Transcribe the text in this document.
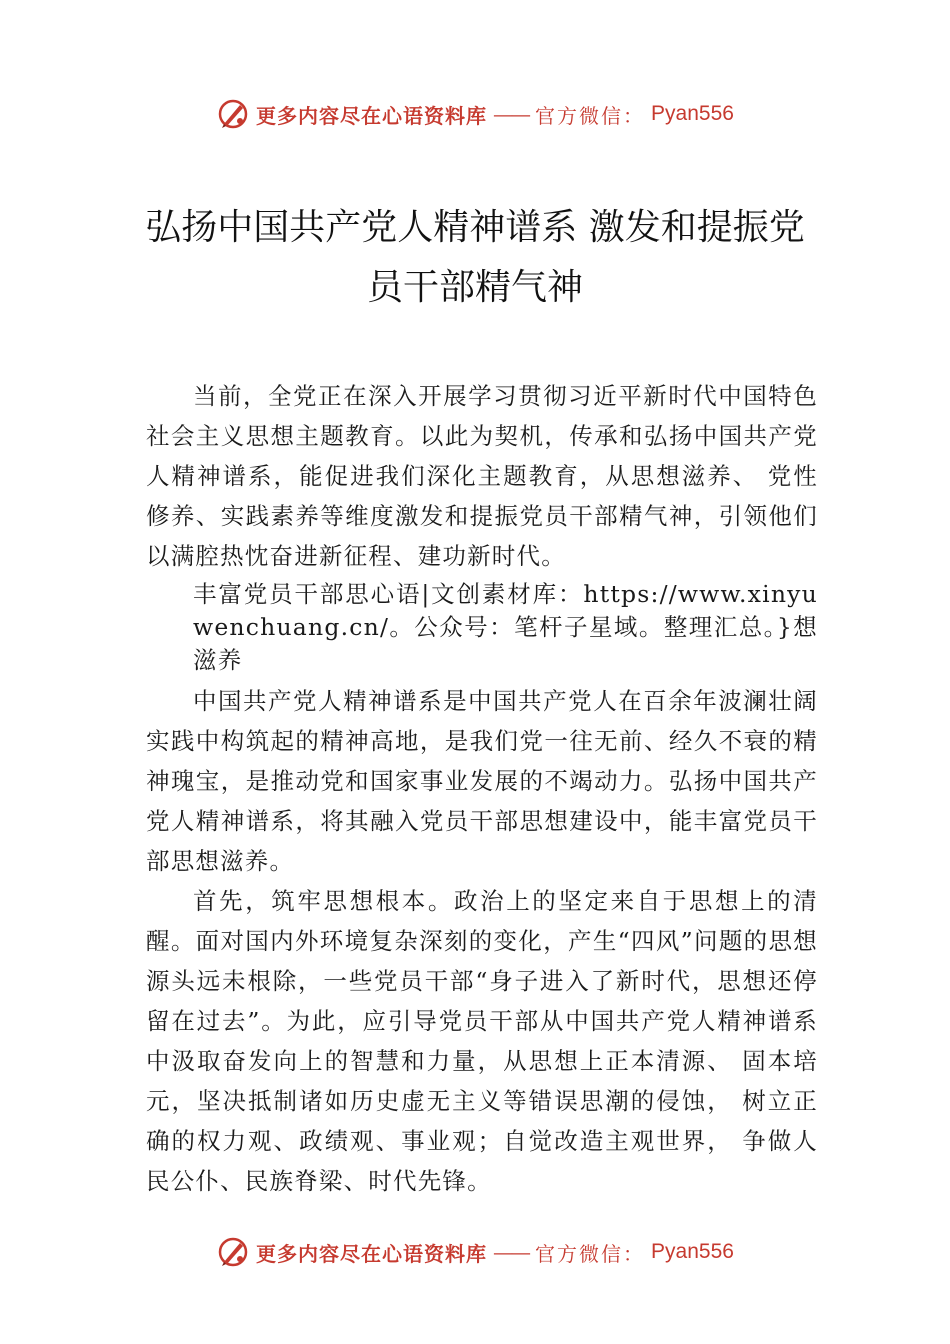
更多内容尽在心语资料库 —— 官方微信： Pyan556
弘扬中国共产党人精神谱系 激发和提振党员干部精气神

当前，全党正在深入开展学习贯彻习近平新时代中国特色社会主义思想主题教育。以此为契机，传承和弘扬中国共产党人精神谱系，能促进我们深化主题教育，从思想滋养、 党性修养、实践素养等维度激发和提振党员干部精气神，引领他们以满腔热忱奋进新征程、建功新时代。

丰富党员干部思心语|文创素材库：https://www.xinyuwenchuang.cn/。公众号：笔杆子星域。整理汇总。}想滋养

中国共产党人精神谱系是中国共产党人在百余年波澜壮阔实践中构筑起的精神高地，是我们党一往无前、经久不衰的精神瑰宝，是推动党和国家事业发展的不竭动力。弘扬中国共产党人精神谱系，将其融入党员干部思想建设中，能丰富党员干部思想滋养。

首先，筑牢思想根本。政治上的坚定来自于思想上的清醒。面对国内外环境复杂深刻的变化，产生“四风”问题的思想源头远未根除，一些党员干部“身子进入了新时代，思想还停留在过去”。为此，应引导党员干部从中国共产党人精神谱系中汲取奋发向上的智慧和力量，从思想上正本清源、 固本培元，坚决抵制诸如历史虚无主义等错误思潮的侵蚀， 树立正确的权力观、政绩观、事业观；自觉改造主观世界， 争做人民公仆、民族脊梁、时代先锋。

更多内容尽在心语资料库 —— 官方微信： Pyan556
